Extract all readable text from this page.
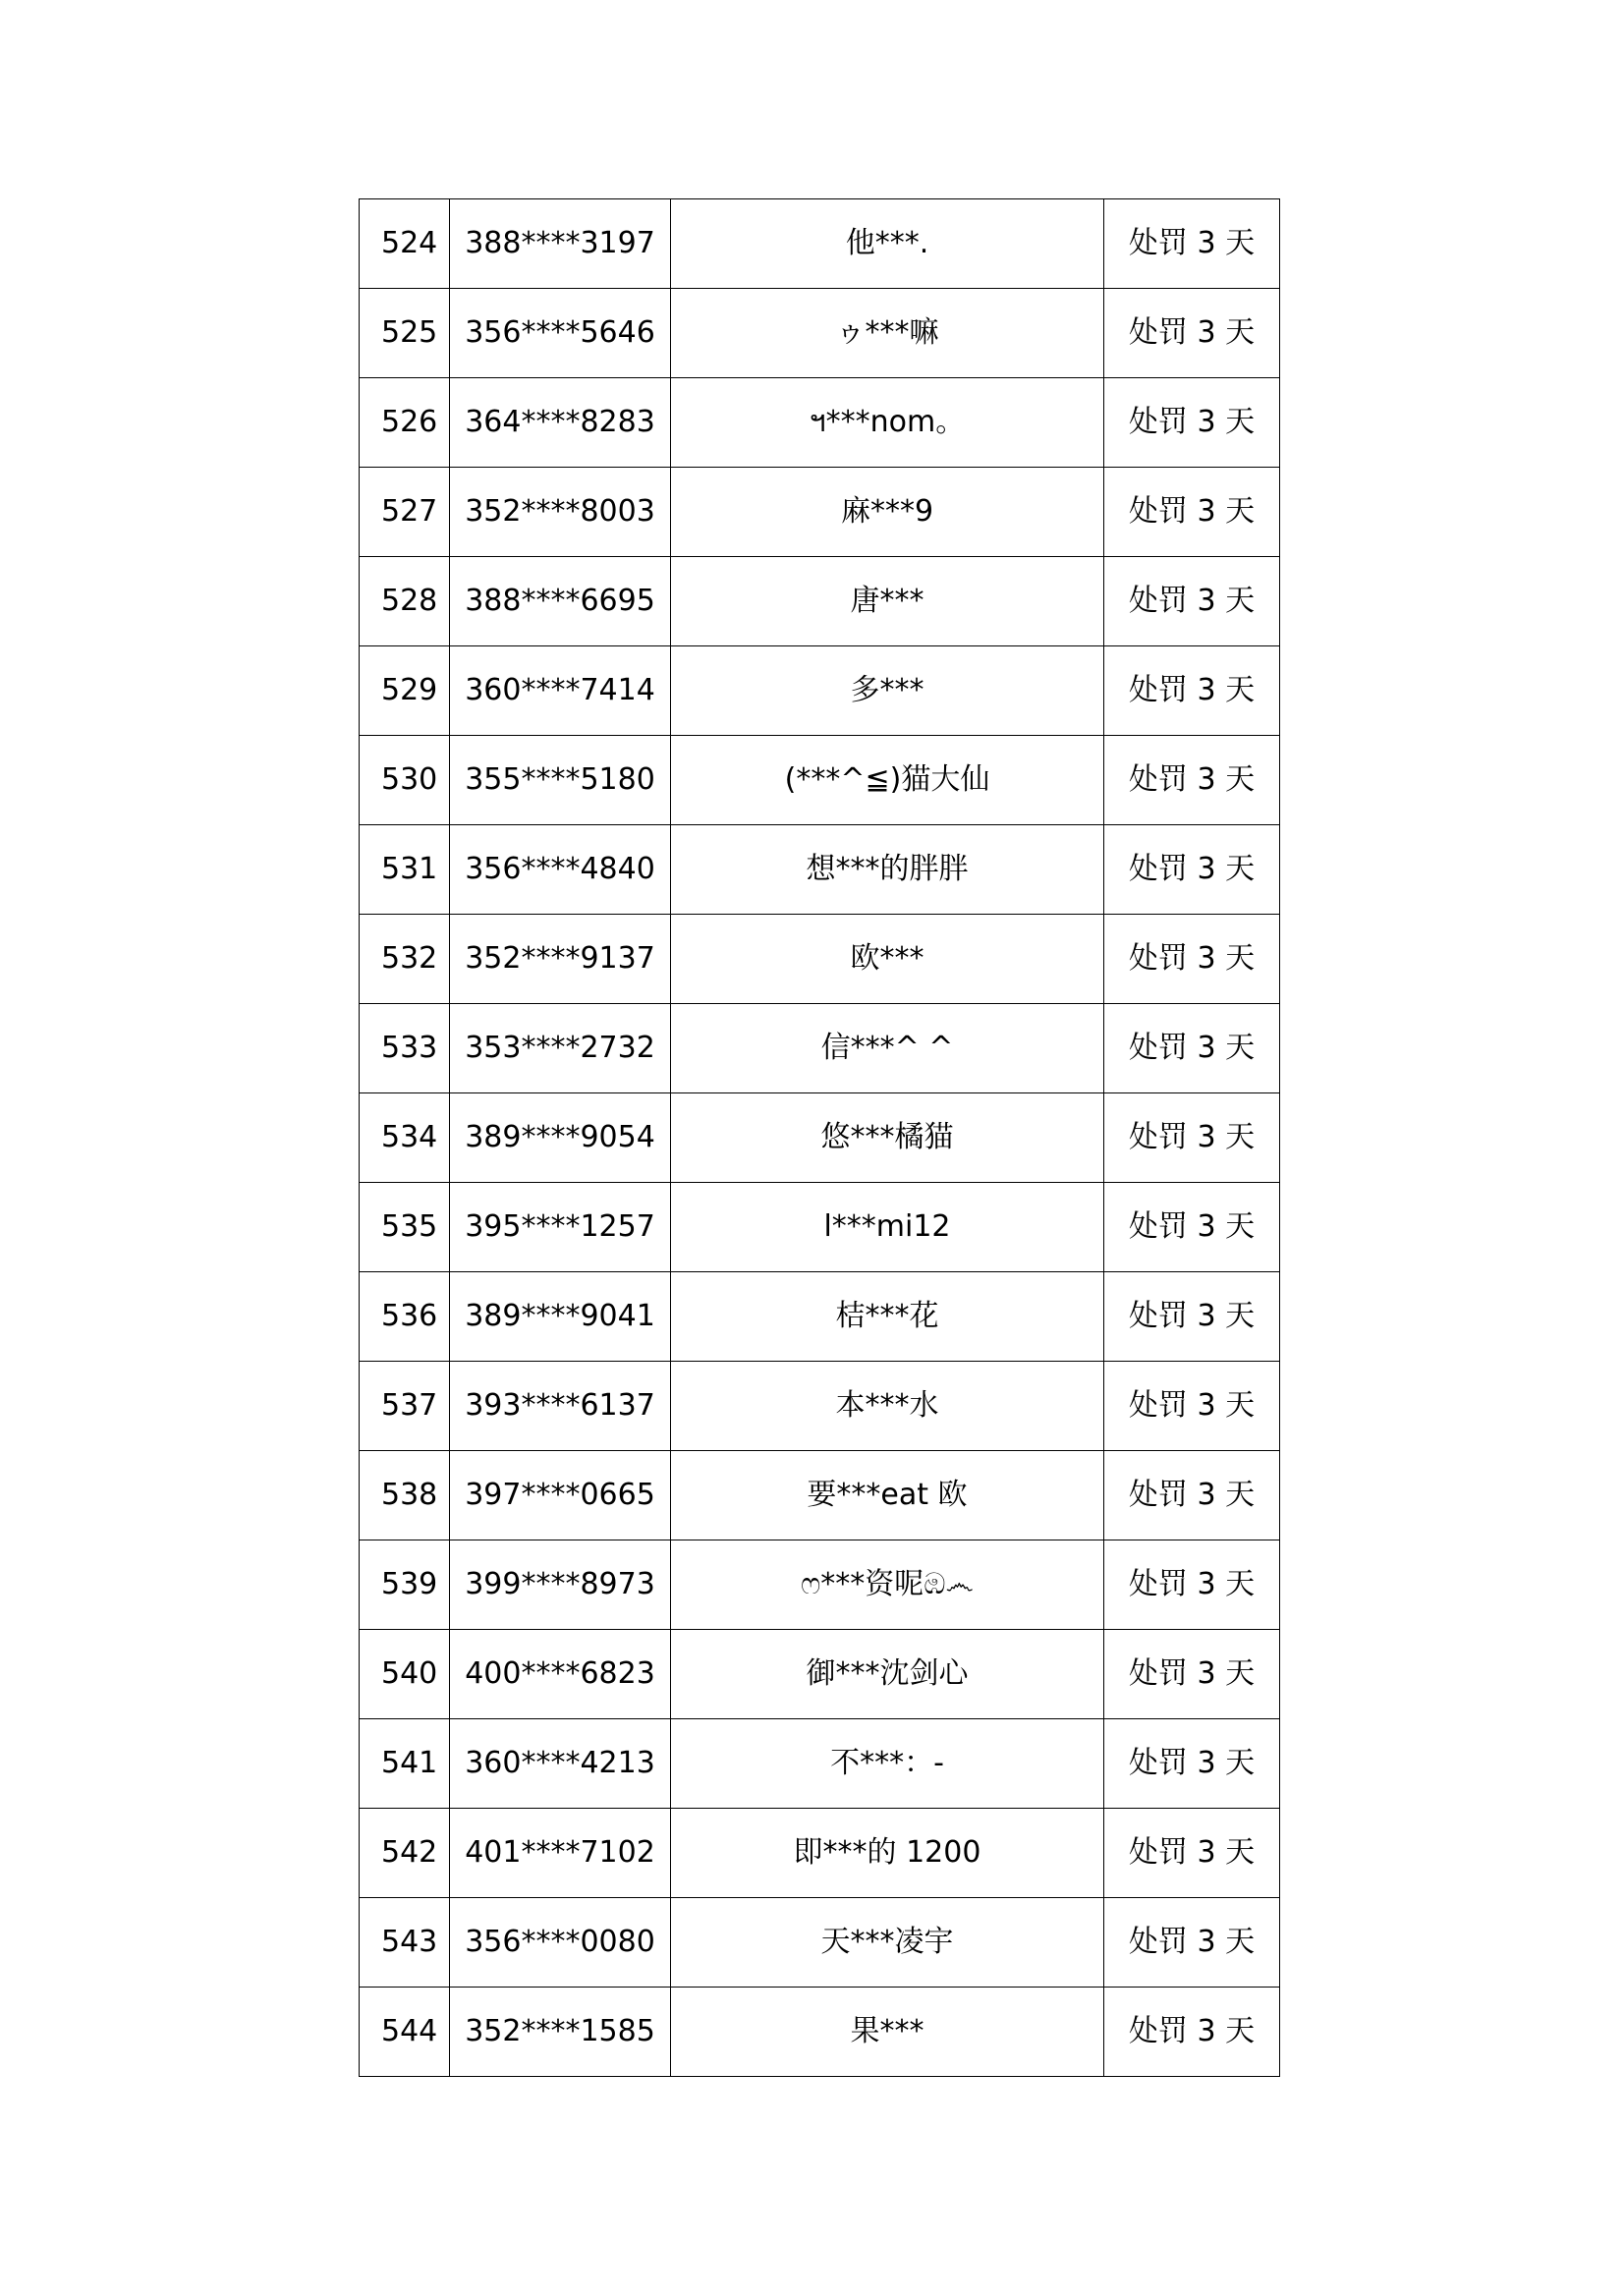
524	388****3197	他***.	处罚 3 天
525	356****5646	ゥ***嘛	处罚 3 天
526	364****8283	ฯ***nom。	处罚 3 天
527	352****8003	麻***9	处罚 3 天
528	388****6695	唐***	处罚 3 天
529	360****7414	多***	处罚 3 天
530	355****5180	(***^≦)猫大仙	处罚 3 天
531	356****4840	想***的胖胖	处罚 3 天
532	352****9137	欧***	处罚 3 天
533	353****2732	信***^ ^	处罚 3 天
534	389****9054	悠***橘猫	处罚 3 天
535	395****1257	l***mi12	处罚 3 天
536	389****9041	桔***花	处罚 3 天
537	393****6137	本***水	处罚 3 天
538	397****0665	要***eat 欧	处罚 3 天
539	399****8973	ෆ***资呢ඹ෴	处罚 3 天
540	400****6823	御***沈剑心	处罚 3 天
541	360****4213	不***：-	处罚 3 天
542	401****7102	即***的 1200	处罚 3 天
543	356****0080	天***凌宇	处罚 3 天
544	352****1585	果***	处罚 3 天
